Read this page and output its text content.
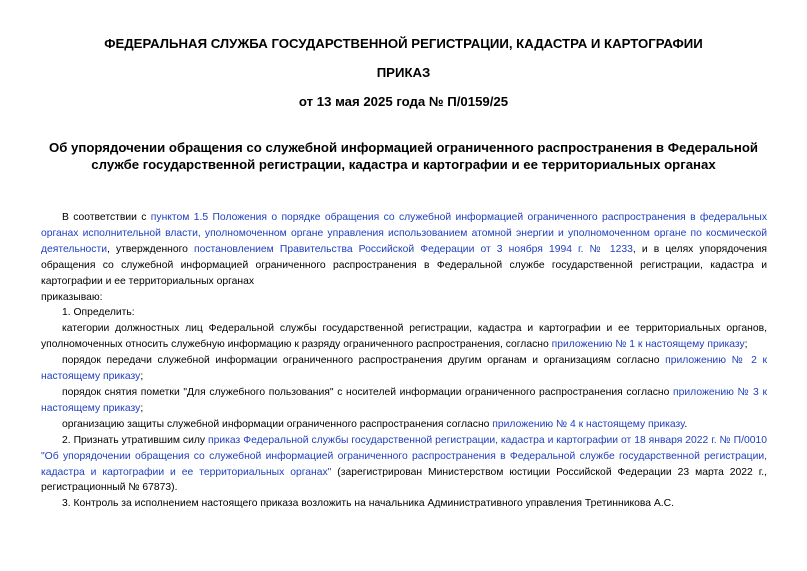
ФЕДЕРАЛЬНАЯ СЛУЖБА ГОСУДАРСТВЕННОЙ РЕГИСТРАЦИИ, КАДАСТРА И КАРТОГРАФИИ
ПРИКАЗ
от 13 мая 2025 года № П/0159/25
Об упорядочении обращения со служебной информацией ограниченного распространения в Федеральной службе государственной регистрации, кадастра и картографии и ее территориальных органах

В соответствии с пунктом 1.5 Положения о порядке обращения со служебной информацией ограниченного распространения в федеральных органах исполнительной власти, уполномоченном органе управления использованием атомной энергии и уполномоченном органе по космической деятельности, утвержденного постановлением Правительства Российской Федерации от 3 ноября 1994 г. № 1233, и в целях упорядочения обращения со служебной информацией ограниченного распространения в Федеральной службе государственной регистрации, кадастра и картографии и ее территориальных органах

приказываю:

1. Определить:

категории должностных лиц Федеральной службы государственной регистрации, кадастра и картографии и ее территориальных органов, уполномоченных относить служебную информацию к разряду ограниченного распространения, согласно приложению № 1 к настоящему приказу;

порядок передачи служебной информации ограниченного распространения другим органам и организациям согласно приложению № 2 к настоящему приказу;

порядок снятия пометки "Для служебного пользования" с носителей информации ограниченного распространения согласно приложению № 3 к настоящему приказу;

организацию защиты служебной информации ограниченного распространения согласно приложению № 4 к настоящему приказу.

2. Признать утратившим силу приказ Федеральной службы государственной регистрации, кадастра и картографии от 18 января 2022 г. № П/0010 "Об упорядочении обращения со служебной информацией ограниченного распространения в Федеральной службе государственной регистрации, кадастра и картографии и ее территориальных органах" (зарегистрирован Министерством юстиции Российской Федерации 23 марта 2022 г., регистрационный № 67873).

3. Контроль за исполнением настоящего приказа возложить на начальника Административного управления Третинникова А.С.
